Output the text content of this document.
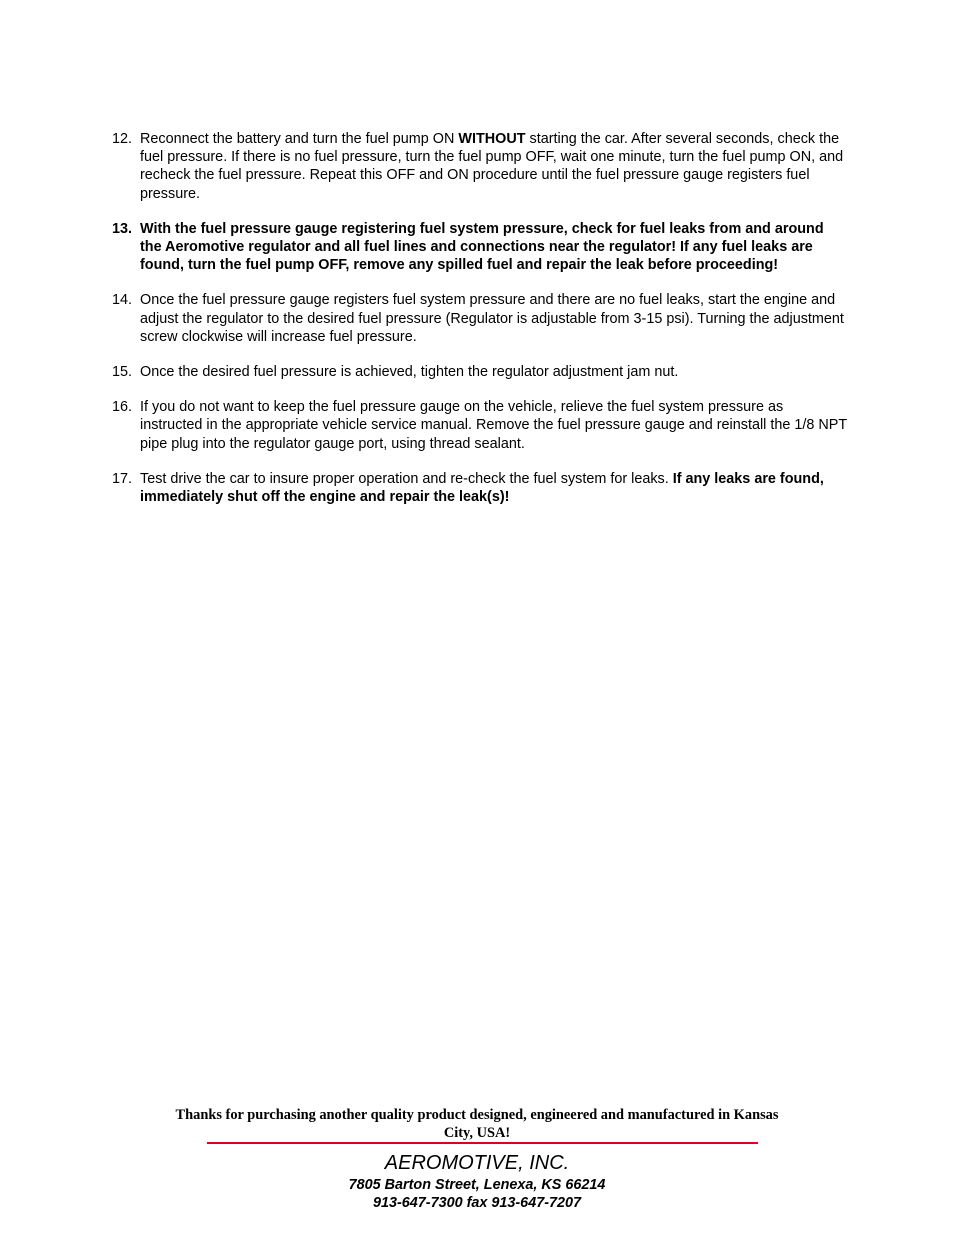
12. Reconnect the battery and turn the fuel pump ON WITHOUT starting the car. After several seconds, check the fuel pressure. If there is no fuel pressure, turn the fuel pump OFF, wait one minute, turn the fuel pump ON, and recheck the fuel pressure. Repeat this OFF and ON procedure until the fuel pressure gauge registers fuel pressure.
13. With the fuel pressure gauge registering fuel system pressure, check for fuel leaks from and around the Aeromotive regulator and all fuel lines and connections near the regulator! If any fuel leaks are found, turn the fuel pump OFF, remove any spilled fuel and repair the leak before proceeding!
14. Once the fuel pressure gauge registers fuel system pressure and there are no fuel leaks, start the engine and adjust the regulator to the desired fuel pressure (Regulator is adjustable from 3-15 psi). Turning the adjustment screw clockwise will increase fuel pressure.
15. Once the desired fuel pressure is achieved, tighten the regulator adjustment jam nut.
16. If you do not want to keep the fuel pressure gauge on the vehicle, relieve the fuel system pressure as instructed in the appropriate vehicle service manual. Remove the fuel pressure gauge and reinstall the 1/8 NPT pipe plug into the regulator gauge port, using thread sealant.
17. Test drive the car to insure proper operation and re-check the fuel system for leaks. If any leaks are found, immediately shut off the engine and repair the leak(s)!
Thanks for purchasing another quality product designed, engineered and manufactured in Kansas City, USA!
AEROMOTIVE, INC.
7805 Barton Street, Lenexa, KS 66214
913-647-7300 fax 913-647-7207
